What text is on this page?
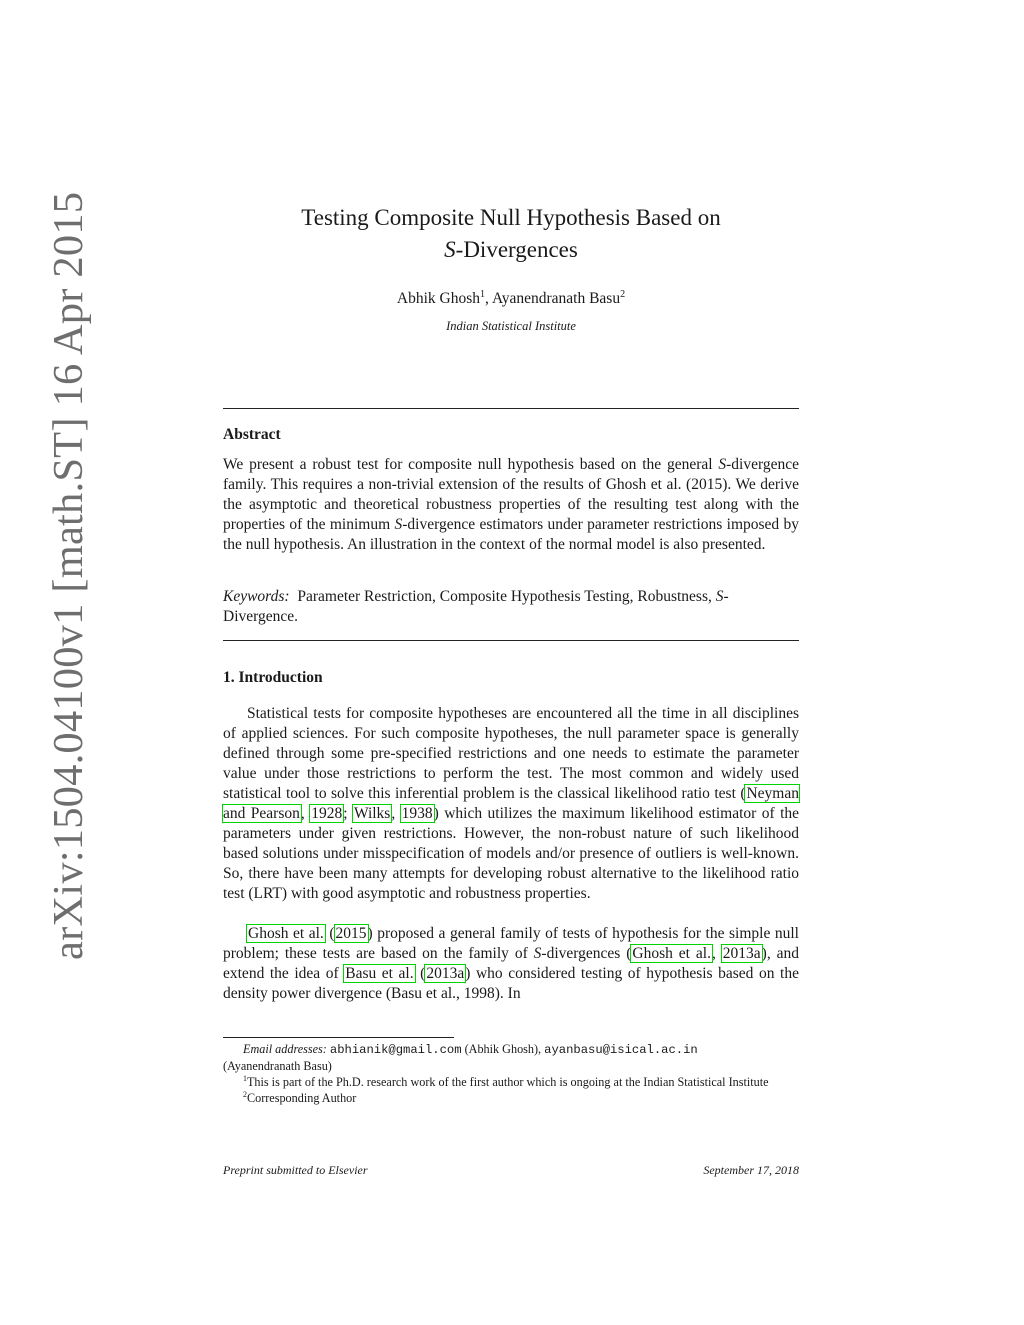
arXiv:1504.04100v1 [math.ST] 16 Apr 2015	Testing Composite Null Hypothesis Based on
S-Divergences
Abhik Ghosh$^1$, Ayanendranath Basu$^2$
Indian Statistical Institute
Abstract
We present a robust test for composite null hypothesis based on the general S-divergence family. This requires a non-trivial extension of the results of Ghosh et al. (2015). We derive the asymptotic and theoretical robustness properties of the resulting test along with the properties of the minimum S-divergence estimators under parameter restrictions imposed by the null hypothesis. An illustration in the context of the normal model is also presented.
Keywords: Parameter Restriction, Composite Hypothesis Testing, Robustness, S-Divergence.
1. Introduction
Statistical tests for composite hypotheses are encountered all the time in all disciplines of applied sciences. For such composite hypotheses, the null parameter space is generally defined through some pre-specified restrictions and one needs to estimate the parameter value under those restrictions to perform the test. The most common and widely used statistical tool to solve this inferential problem is the classical likelihood ratio test (Neyman and Pearson, 1928; Wilks, 1938) which utilizes the maximum likelihood estimator of the parameters under given restrictions. However, the non-robust nature of such likelihood based solutions under misspecification of models and/or presence of outliers is well-known. So, there have been many attempts for developing robust alternative to the likelihood ratio test (LRT) with good asymptotic and robustness properties.
Ghosh et al. (2015) proposed a general family of tests of hypothesis for the simple null problem; these tests are based on the family of S-divergences (Ghosh et al., 2013a), and extend the idea of Basu et al. (2013a) who considered testing of hypothesis based on the density power divergence (Basu et al., 1998). In
Email addresses: abhianik@gmail.com (Abhik Ghosh), ayanbasu@isical.ac.in
(Ayanendranath Basu)
$^1$This is part of the Ph.D. research work of the first author which is ongoing at the Indian Statistical Institute
$^2$Corresponding Author
Preprint submitted to Elsevier	September 17, 2018
